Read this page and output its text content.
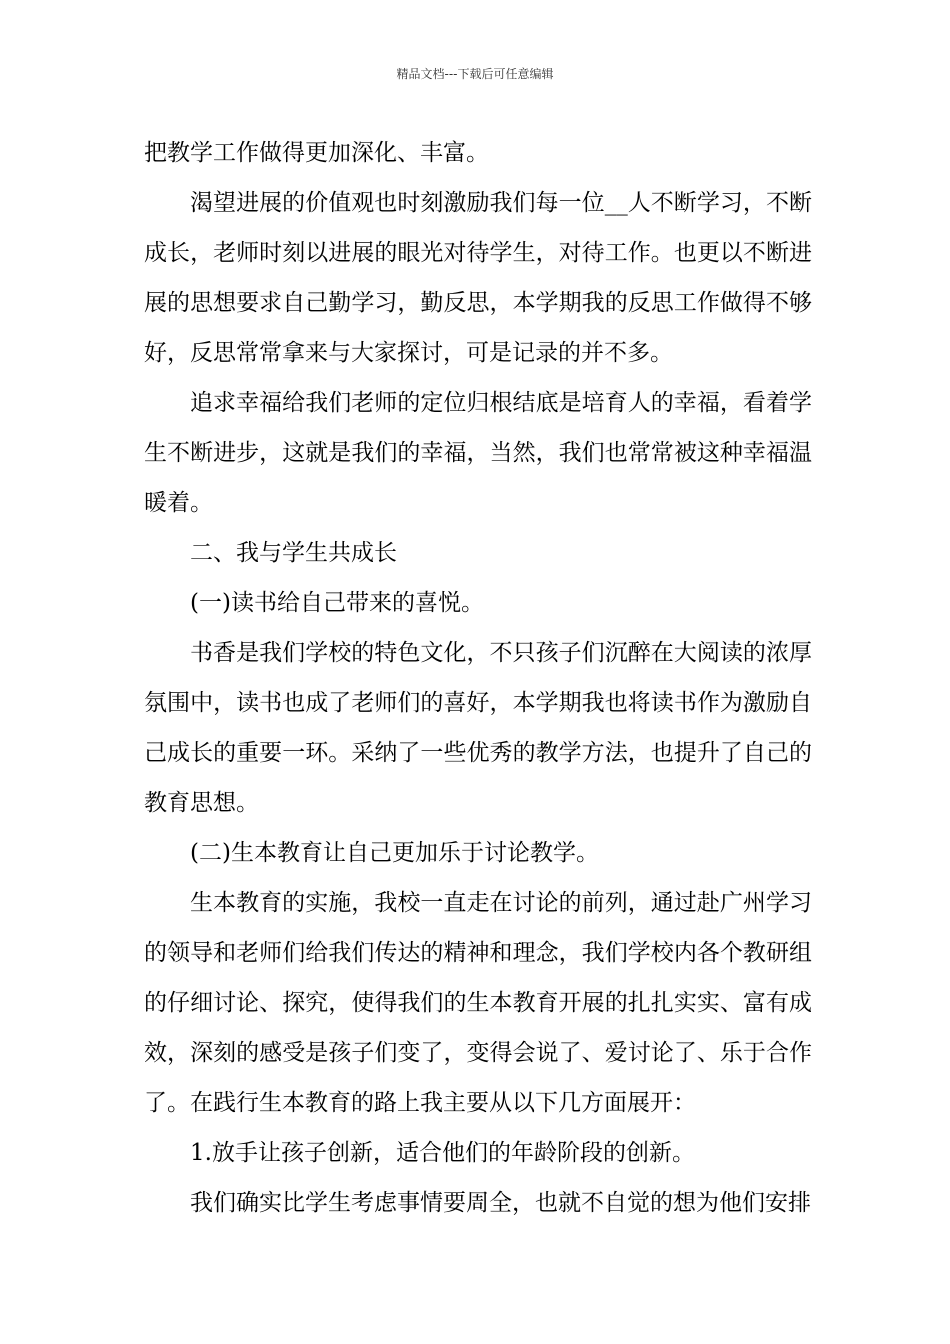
精品文档---下载后可任意编辑

把教学工作做得更加深化、丰富。

渴望进展的价值观也时刻激励我们每一位__人不断学习，不断成长，老师时刻以进展的眼光对待学生，对待工作。也更以不断进展的思想要求自己勤学习，勤反思，本学期我的反思工作做得不够好，反思常常拿来与大家探讨，可是记录的并不多。

追求幸福给我们老师的定位归根结底是培育人的幸福，看着学生不断进步，这就是我们的幸福，当然，我们也常常被这种幸福温暖着。

二、我与学生共成长

(一)读书给自己带来的喜悦。

书香是我们学校的特色文化，不只孩子们沉醉在大阅读的浓厚氛围中，读书也成了老师们的喜好，本学期我也将读书作为激励自己成长的重要一环。采纳了一些优秀的教学方法，也提升了自己的教育思想。

(二)生本教育让自己更加乐于讨论教学。

生本教育的实施，我校一直走在讨论的前列，通过赴广州学习的领导和老师们给我们传达的精神和理念，我们学校内各个教研组的仔细讨论、探究，使得我们的生本教育开展的扎扎实实、富有成效，深刻的感受是孩子们变了，变得会说了、爱讨论了、乐于合作了。在践行生本教育的路上我主要从以下几方面展开：

1.放手让孩子创新，适合他们的年龄阶段的创新。

我们确实比学生考虑事情要周全，也就不自觉的想为他们安排
